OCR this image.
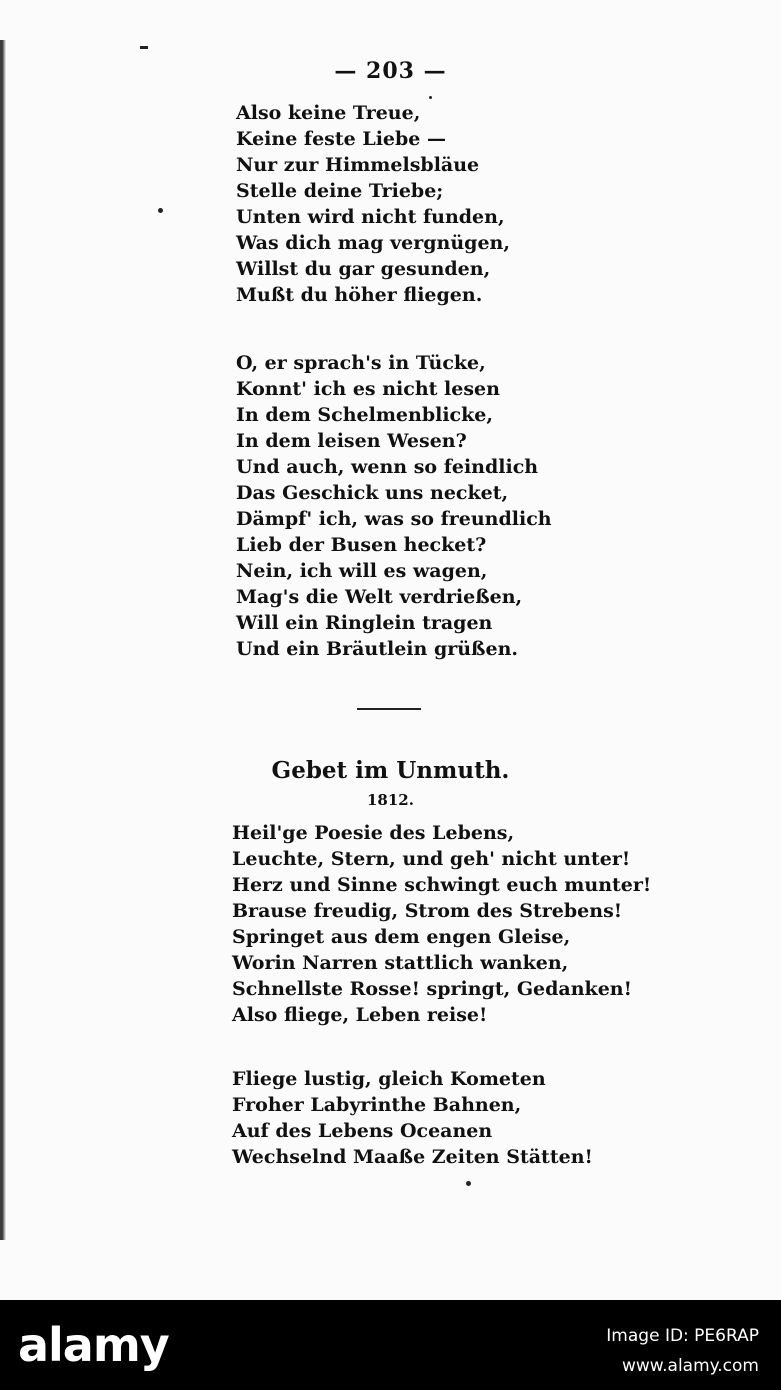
— 203 —
Also keine Treue,
Keine feste Liebe —
Nur zur Himmelsbläue
Stelle deine Triebe;
Unten wird nicht funden,
Was dich mag vergnügen,
Willst du gar gesunden,
Mußt du höher fliegen.
O, er sprach's in Tücke,
Konnt' ich es nicht lesen
In dem Schelmenblicke,
In dem leisen Wesen?
Und auch, wenn so feindlich
Das Geschick uns necket,
Dämpf' ich, was so freundlich
Lieb der Busen hecket?
Nein, ich will es wagen,
Mag's die Welt verdrießen,
Will ein Ringlein tragen
Und ein Bräutlein grüßen.
Gebet im Unmuth.
1812.
Heil'ge Poesie des Lebens,
Leuchte, Stern, und geh' nicht unter!
Herz und Sinne schwingt euch munter!
Brause freudig, Strom des Strebens!
Springet aus dem engen Gleise,
Worin Narren stattlich wanken,
Schnellste Rosse! springt, Gedanken!
Also fliege, Leben reise!
Fliege lustig, gleich Kometen
Froher Labyrinthe Bahnen,
Auf des Lebens Oceanen
Wechselnd Maaße Zeiten Stätten!
alamy	Image ID: PE6RAP
www.alamy.com
